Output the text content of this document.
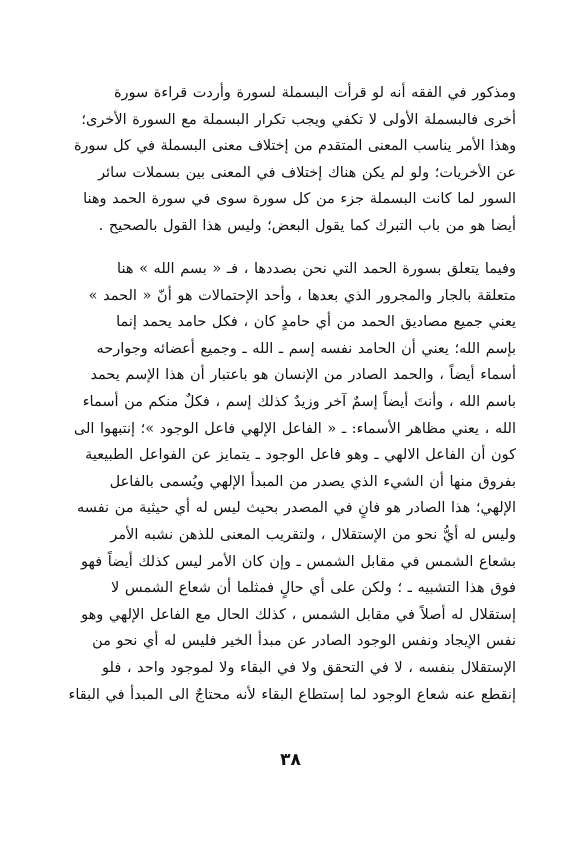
ومذكور في الفقه أنه لو قرأت البسملة لسورة وأردت قراءة سورة
أخرى فالبسملة الأولى لا تكفي ويجب تكرار البسملة مع السورة الأخرى؛
وهذا الأمر يناسب المعنى المتقدم من إختلاف معنى البسملة في كل سورة
عن الأخريات؛ ولو لم يكن هناك إختلاف في المعنى بين بسملات سائر
السور لما كانت البسملة جزء من كل سورة سوى في سورة الحمد وهنا
أيضا هو من باب التبرك كما يقول البعض؛ وليس هذا القول بالصحيح .
وفيما يتعلق بسورة الحمد التي نحن بصددها ، فـ « بسم الله » هنا
متعلقة بالجار والمجرور الذي بعدها ، وأحد الإحتمالات هو أنّ « الحمد »
يعني جميع مصاديق الحمد من أي حامدٍ كان ، فكل حامد يحمد إنما
بإسم الله؛ يعني أن الحامد نفسه إسم ـ الله ـ وجميع أعضائه وجوارحه
أسماء أيضاً ، والحمد الصادر من الإنسان هو باعتبار أن هذا الإسم يحمد
باسم الله ، وأنتَ أيضاً إسمٌ آخر وزيدٌ كذلك إسم ، فكلٌ منكم من أسماء
الله ، يعني مظاهر الأسماء: ـ « الفاعل الإلهي فاعل الوجود »؛ إنتبهوا الى
كون أن الفاعل الالهي ـ وهو فاعل الوجود ـ يتمايز عن الفواعل الطبيعية
بفروق منها أن الشيء الذي يصدر من المبدأ الإلهي ويُسمى بالفاعل
الإلهي؛ هذا الصادر هو فانٍ في المصدر بحيث ليس له أي حيثية من نفسه
وليس له أيُّ نحو من الإستقلال ، ولتقريب المعنى للذهن نشبه الأمر
بشعاع الشمس في مقابل الشمس ـ وإن كان الأمر ليس كذلك أيضاً فهو
فوق هذا التشبيه ـ ؛ ولكن على أي حالٍ فمثلما أن شعاع الشمس لا
إستقلال له أصلاً في مقابل الشمس ، كذلك الحال مع الفاعل الإلهي وهو
نفس الإيجاد ونفس الوجود الصادر عن مبدأ الخير فليس له أي نحو من
الإستقلال بنفسه ، لا في التحقق ولا في البقاء ولا لموجود واحد ، فلو
إنقطع عنه شعاع الوجود لما إستطاع البقاء لأنه محتاجٌ الى المبدأ في البقاء
٣٨
